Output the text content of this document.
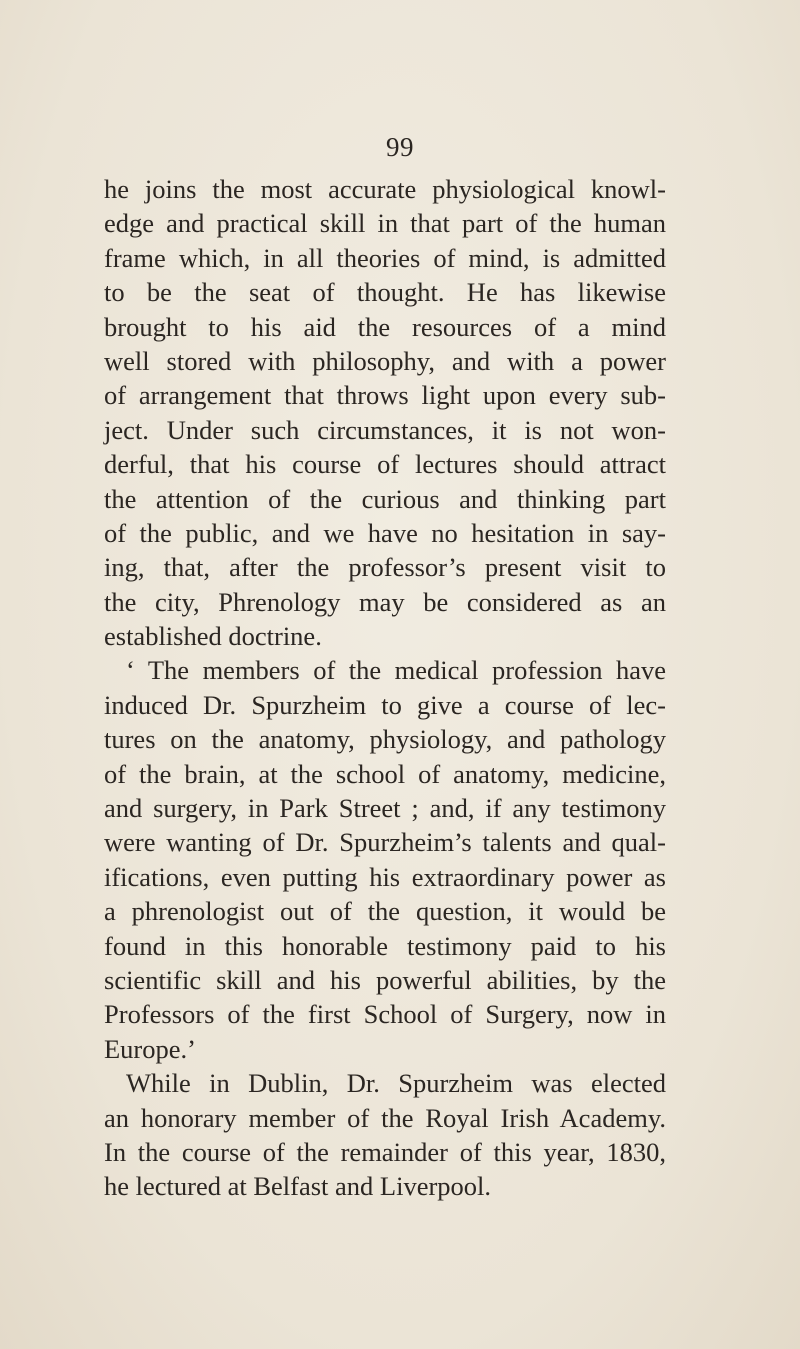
99
he joins the most accurate physiological knowl-
edge and practical skill in that part of the human
frame which, in all theories of mind, is admitted
to be the seat of thought. He has likewise
brought to his aid the resources of a mind
well stored with philosophy, and with a power
of arrangement that throws light upon every sub-
ject. Under such circumstances, it is not won-
derful, that his course of lectures should attract
the attention of the curious and thinking part
of the public, and we have no hesitation in say-
ing, that, after the professor’s present visit to
the city, Phrenology may be considered as an
established doctrine.
‘ The members of the medical profession have
induced Dr. Spurzheim to give a course of lec-
tures on the anatomy, physiology, and pathology
of the brain, at the school of anatomy, medicine,
and surgery, in Park Street ; and, if any testimony
were wanting of Dr. Spurzheim’s talents and qual-
ifications, even putting his extraordinary power as
a phrenologist out of the question, it would be
found in this honorable testimony paid to his
scientific skill and his powerful abilities, by the
Professors of the first School of Surgery, now in
Europe.’
While in Dublin, Dr. Spurzheim was elected
an honorary member of the Royal Irish Academy.
In the course of the remainder of this year, 1830,
he lectured at Belfast and Liverpool.
